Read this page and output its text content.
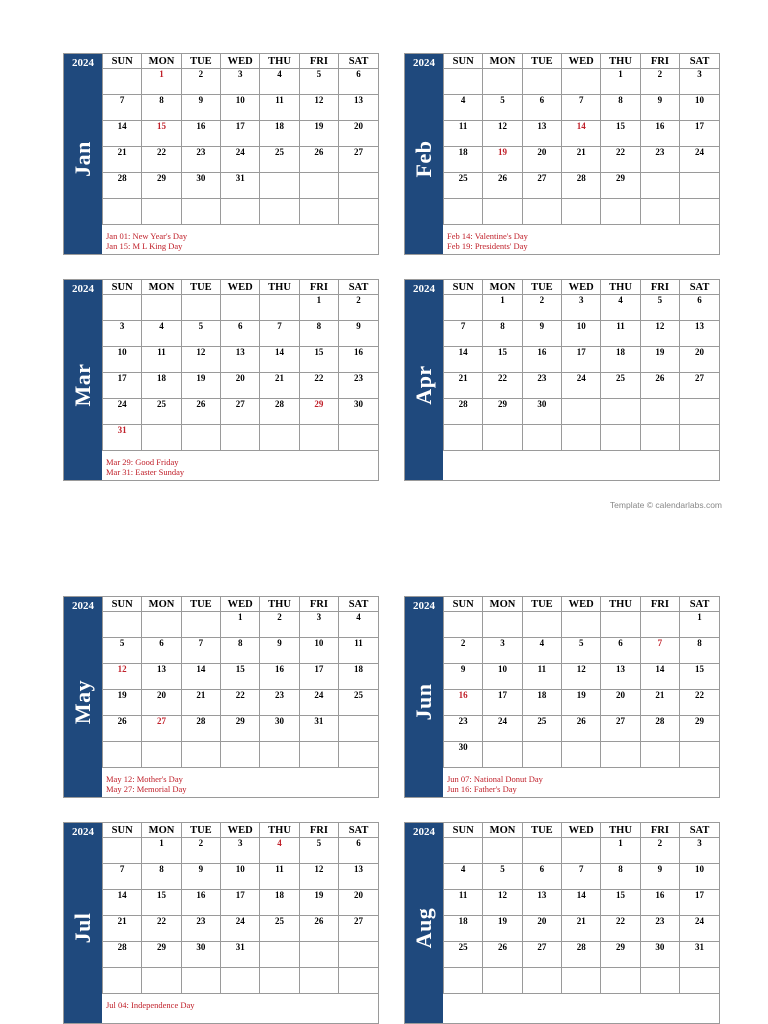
2024
Jan
SUN	MON	TUE	WED	THU	FRI	SAT
	1	2	3	4	5	6
7	8	9	10	11	12	13
14	15	16	17	18	19	20
21	22	23	24	25	26	27
28	29	30	31			

Jan 01: New Year's Day
Jan 15: M L King Day
2024
Feb
SUN	MON	TUE	WED	THU	FRI	SAT
				1	2	3
4	5	6	7	8	9	10
11	12	13	14	15	16	17
18	19	20	21	22	23	24
25	26	27	28	29		

Feb 14: Valentine's Day
Feb 19: Presidents' Day
2024
Mar
SUN	MON	TUE	WED	THU	FRI	SAT
					1	2
3	4	5	6	7	8	9
10	11	12	13	14	15	16
17	18	19	20	21	22	23
24	25	26	27	28	29	30
31						
Mar 29: Good Friday
Mar 31: Easter Sunday
2024
Apr
SUN	MON	TUE	WED	THU	FRI	SAT
	1	2	3	4	5	6
7	8	9	10	11	12	13
14	15	16	17	18	19	20
21	22	23	24	25	26	27
28	29	30				

2024
May
SUN	MON	TUE	WED	THU	FRI	SAT
			1	2	3	4
5	6	7	8	9	10	11
12	13	14	15	16	17	18
19	20	21	22	23	24	25
26	27	28	29	30	31	

May 12: Mother's Day
May 27: Memorial Day
2024
Jun
SUN	MON	TUE	WED	THU	FRI	SAT
						1
2	3	4	5	6	7	8
9	10	11	12	13	14	15
16	17	18	19	20	21	22
23	24	25	26	27	28	29
30						
Jun 07: National Donut Day
Jun 16: Father's Day
2024
Jul
SUN	MON	TUE	WED	THU	FRI	SAT
	1	2	3	4	5	6
7	8	9	10	11	12	13
14	15	16	17	18	19	20
21	22	23	24	25	26	27
28	29	30	31			

Jul 04: Independence Day
2024
Aug
SUN	MON	TUE	WED	THU	FRI	SAT
				1	2	3
4	5	6	7	8	9	10
11	12	13	14	15	16	17
18	19	20	21	22	23	24
25	26	27	28	29	30	31

Template © calendarlabs.com
